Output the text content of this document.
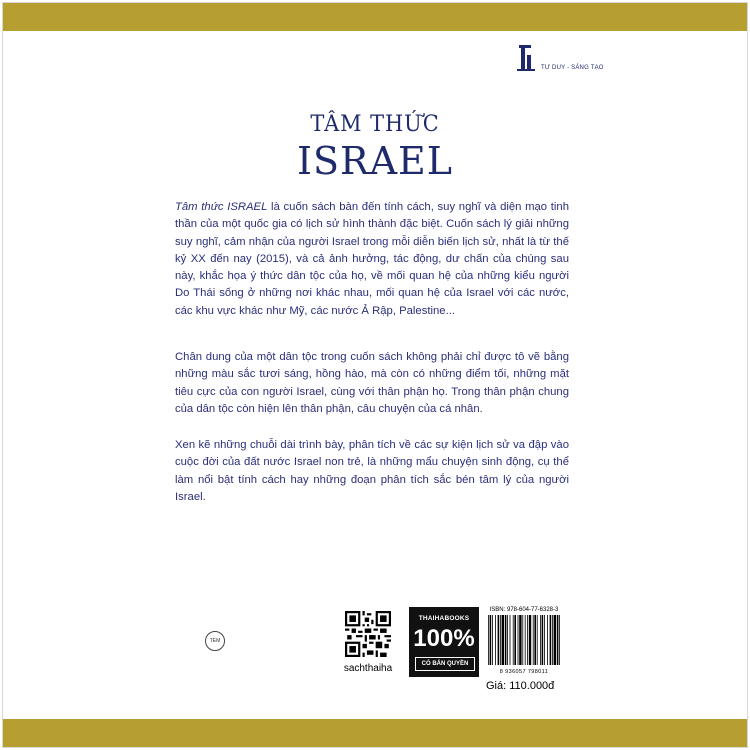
TƯ DUY - SÁNG TẠO
TÂM THỨC
ISRAEL
Tâm thức ISRAEL là cuốn sách bàn đến tính cách, suy nghĩ và diện mạo tinh thần của một quốc gia có lịch sử hình thành đặc biệt. Cuốn sách lý giải những suy nghĩ, cảm nhận của người Israel trong mỗi diễn biến lịch sử, nhất là từ thế kỷ XX đến nay (2015), và cả ảnh hưởng, tác động, dư chấn của chúng sau này, khắc họa ý thức dân tộc của họ, về mối quan hệ của những kiểu người Do Thái sống ở những nơi khác nhau, mối quan hệ của Israel với các nước, các khu vực khác như Mỹ, các nước Ả Rập, Palestine...
Chân dung của một dân tộc trong cuốn sách không phải chỉ được tô vẽ bằng những màu sắc tươi sáng, hồng hào, mà còn có những điểm tối, những mặt tiêu cực của con người Israel, cùng với thân phận họ. Trong thân phận chung của dân tộc còn hiện lên thân phận, câu chuyện của cá nhân.
Xen kẽ những chuỗi dài trình bày, phân tích về các sự kiện lịch sử va đập vào cuộc đời của đất nước Israel non trẻ, là những mẩu chuyện sinh động, cụ thể làm nổi bật tính cách hay những đoạn phân tích sắc bén tâm lý của người Israel.
TEM
sachthaiha
THAIHABOOKS
100%
CÓ BẢN QUYỀN
ISBN: 978-604-77-6328-3
8 936057 798011
Giá: 110.000đ
